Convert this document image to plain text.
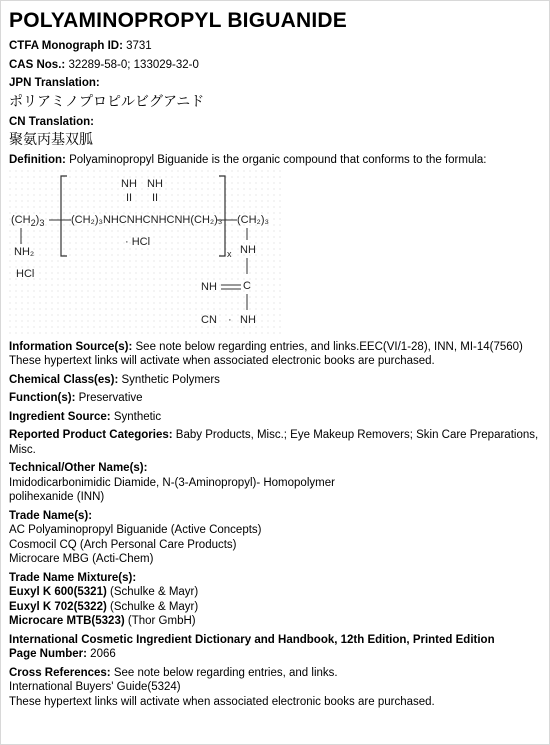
POLYAMINOPROPYL BIGUANIDE
CTFA Monograph ID: 3731
CAS Nos.: 32289-58-0; 133029-32-0
JPN Translation:
ポリアミノプロピルビグアニド
CN Translation:
聚氨丙基双胍
Definition: Polyaminopropyl Biguanide is the organic compound that conforms to the formula:
NH NH
II II
$(CH_2)_3$ (CH₂)₃NHCNHCNHCNH(CH₂)₃
x
(CH₂)₃
NH₂
· HCl
HCl
NH
NH C
CN · NH
Information Source(s): See note below regarding entries, and links.EEC(VI/1-28), INN, MI-14(7560)
These hypertext links will activate when associated electronic books are purchased.
Chemical Class(es): Synthetic Polymers
Function(s): Preservative
Ingredient Source: Synthetic
Reported Product Categories: Baby Products, Misc.; Eye Makeup Removers; Skin Care Preparations, Misc.
Technical/Other Name(s):
Imidodicarbonimidic Diamide, N-(3-Aminopropyl)- Homopolymer
polihexanide (INN)
Trade Name(s):
AC Polyaminopropyl Biguanide (Active Concepts)
Cosmocil CQ (Arch Personal Care Products)
Microcare MBG (Acti-Chem)
Trade Name Mixture(s):
Euxyl K 600(5321) (Schulke & Mayr)
Euxyl K 702(5322) (Schulke & Mayr)
Microcare MTB(5323) (Thor GmbH)
International Cosmetic Ingredient Dictionary and Handbook, 12th Edition, Printed Edition
Page Number: 2066
Cross References: See note below regarding entries, and links.
International Buyers' Guide(5324)
These hypertext links will activate when associated electronic books are purchased.
